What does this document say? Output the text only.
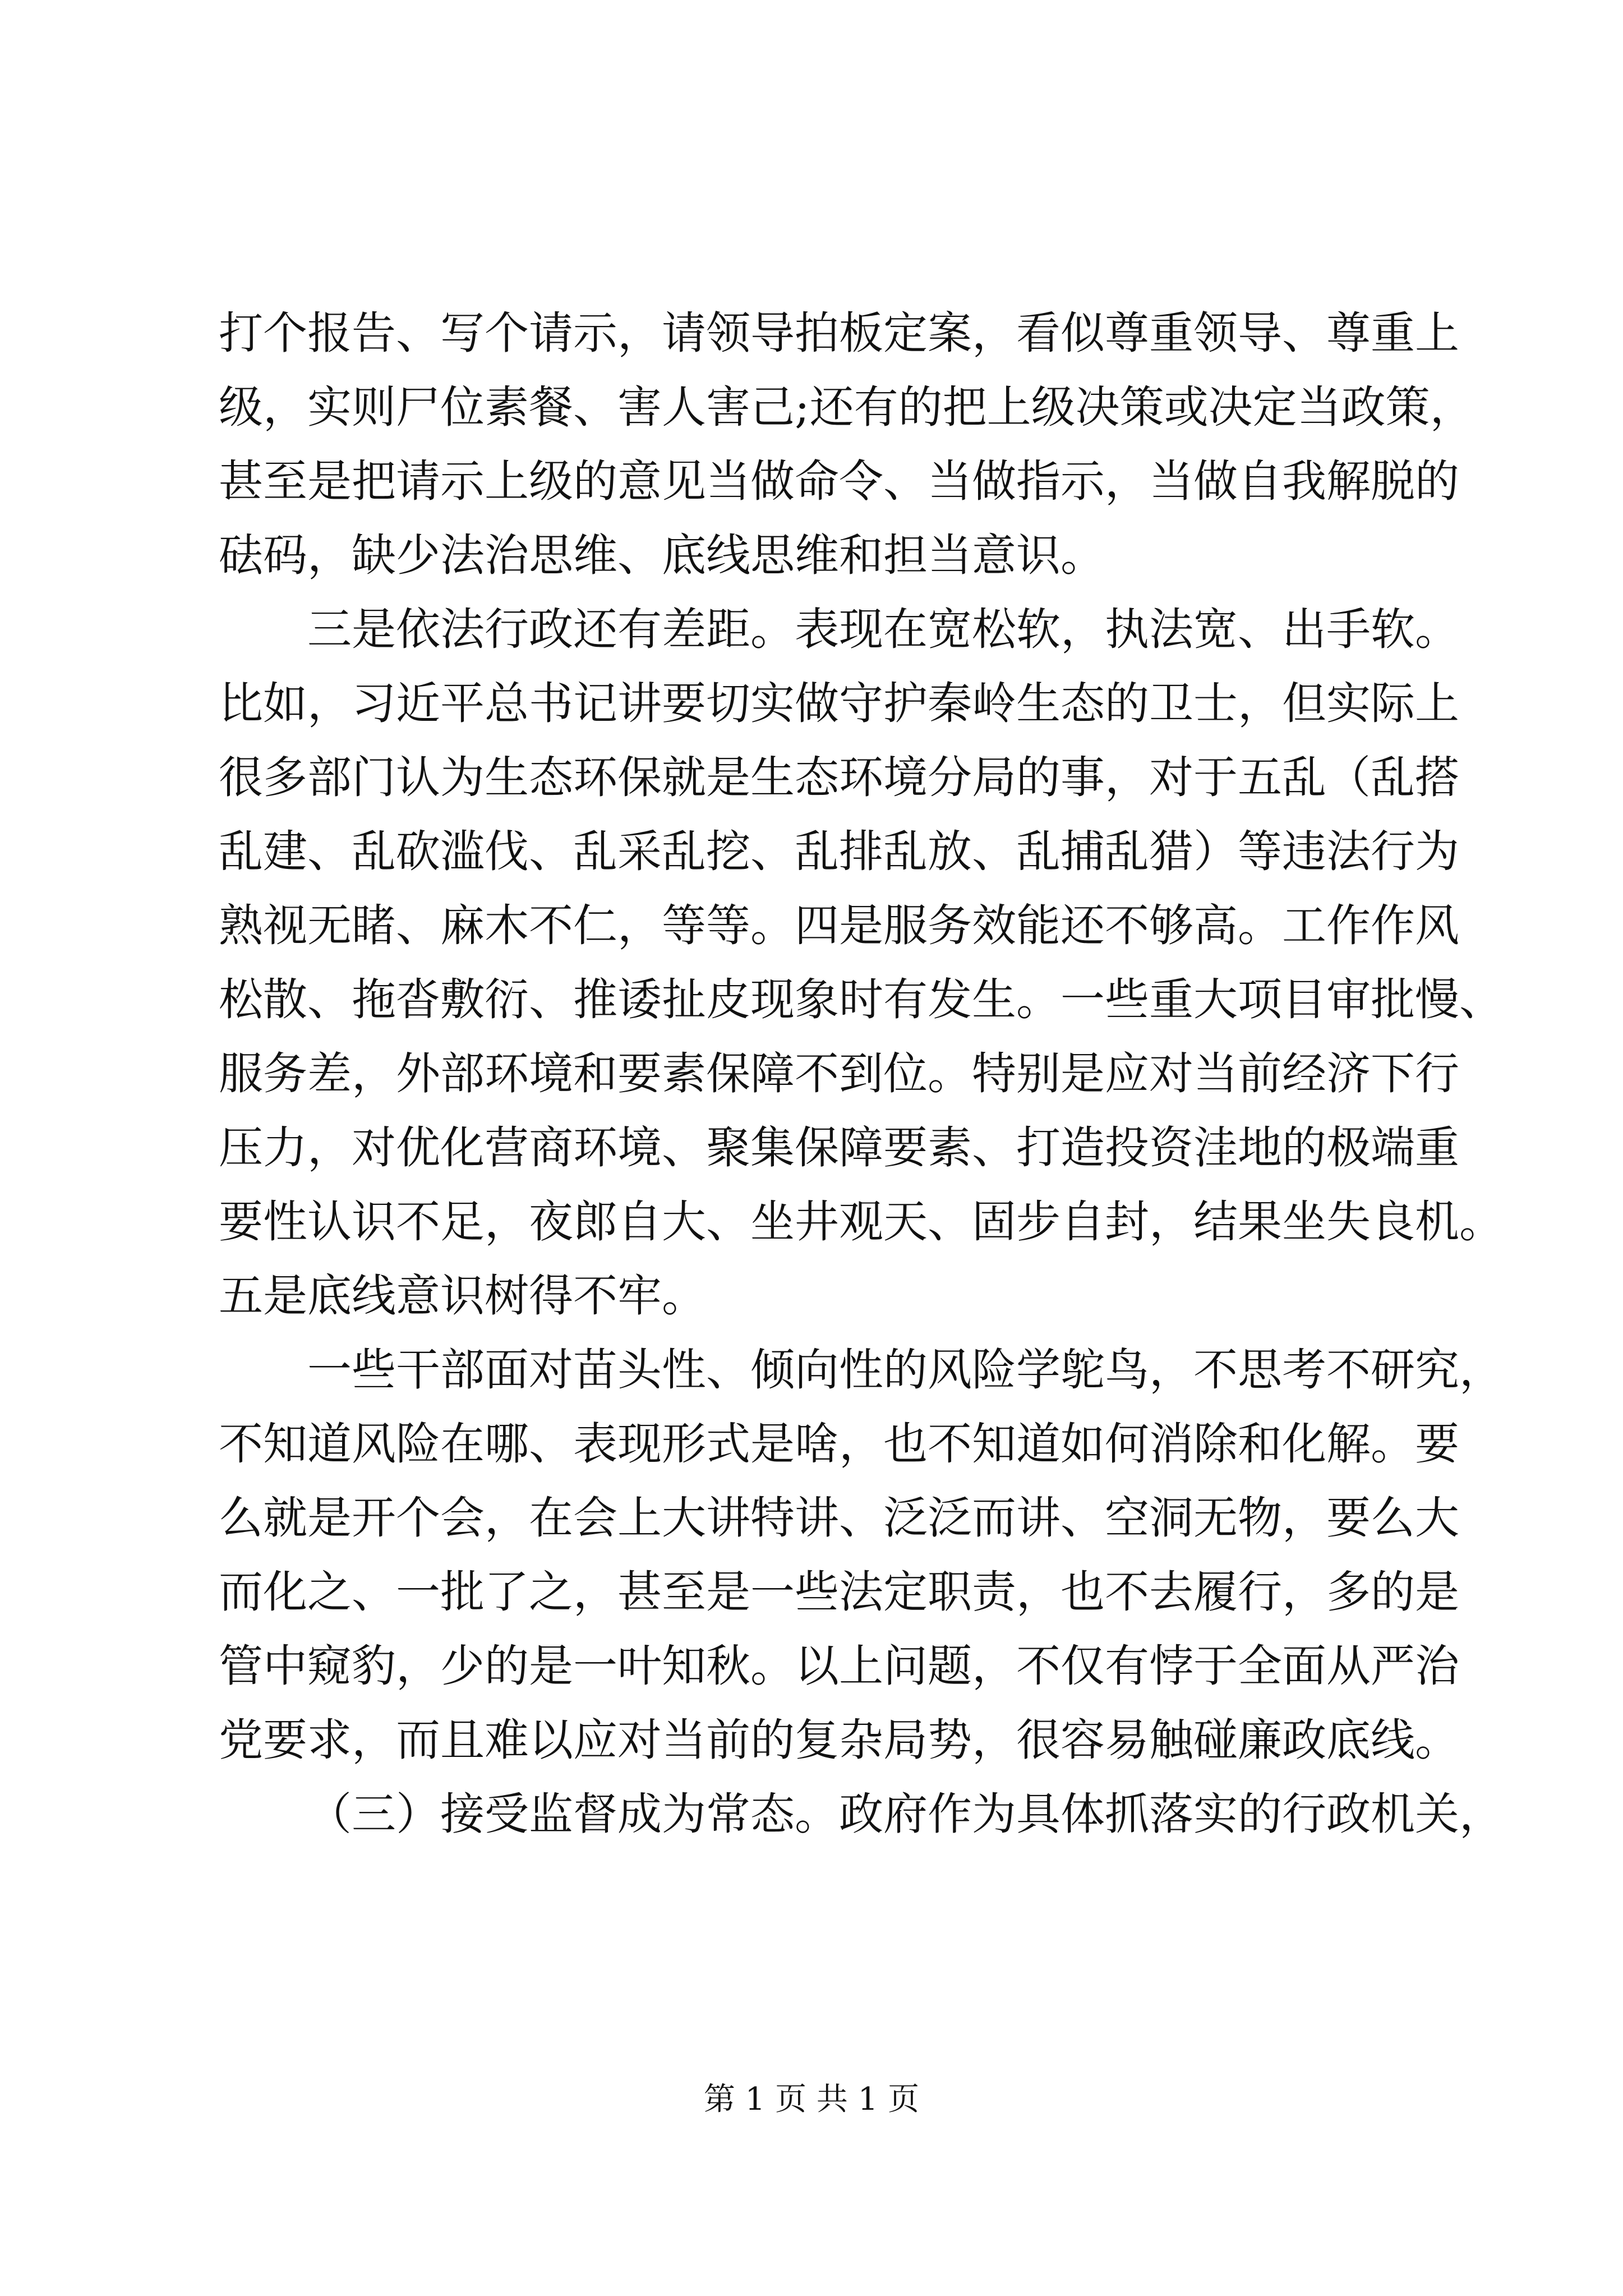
打个报告、写个请示，请领导拍板定案，看似尊重领导、尊重上
级，实则尸位素餐、害人害己;还有的把上级决策或决定当政策，
甚至是把请示上级的意见当做命令、当做指示，当做自我解脱的
砝码，缺少法治思维、底线思维和担当意识。
三是依法行政还有差距。表现在宽松软，执法宽、出手软。
比如，习近平总书记讲要切实做守护秦岭生态的卫士，但实际上
很多部门认为生态环保就是生态环境分局的事，对于五乱（乱搭
乱建、乱砍滥伐、乱采乱挖、乱排乱放、乱捕乱猎）等违法行为
熟视无睹、麻木不仁，等等。四是服务效能还不够高。工作作风
松散、拖沓敷衍、推诿扯皮现象时有发生。一些重大项目审批慢、
服务差，外部环境和要素保障不到位。特别是应对当前经济下行
压力，对优化营商环境、聚集保障要素、打造投资洼地的极端重
要性认识不足，夜郎自大、坐井观天、固步自封，结果坐失良机。
五是底线意识树得不牢。
一些干部面对苗头性、倾向性的风险学鸵鸟，不思考不研究，
不知道风险在哪、表现形式是啥，也不知道如何消除和化解。要
么就是开个会，在会上大讲特讲、泛泛而讲、空洞无物，要么大
而化之、一批了之，甚至是一些法定职责，也不去履行，多的是
管中窥豹，少的是一叶知秋。以上问题，不仅有悖于全面从严治
党要求，而且难以应对当前的复杂局势，很容易触碰廉政底线。
（三）接受监督成为常态。政府作为具体抓落实的行政机关，
第 1 页 共 1 页
